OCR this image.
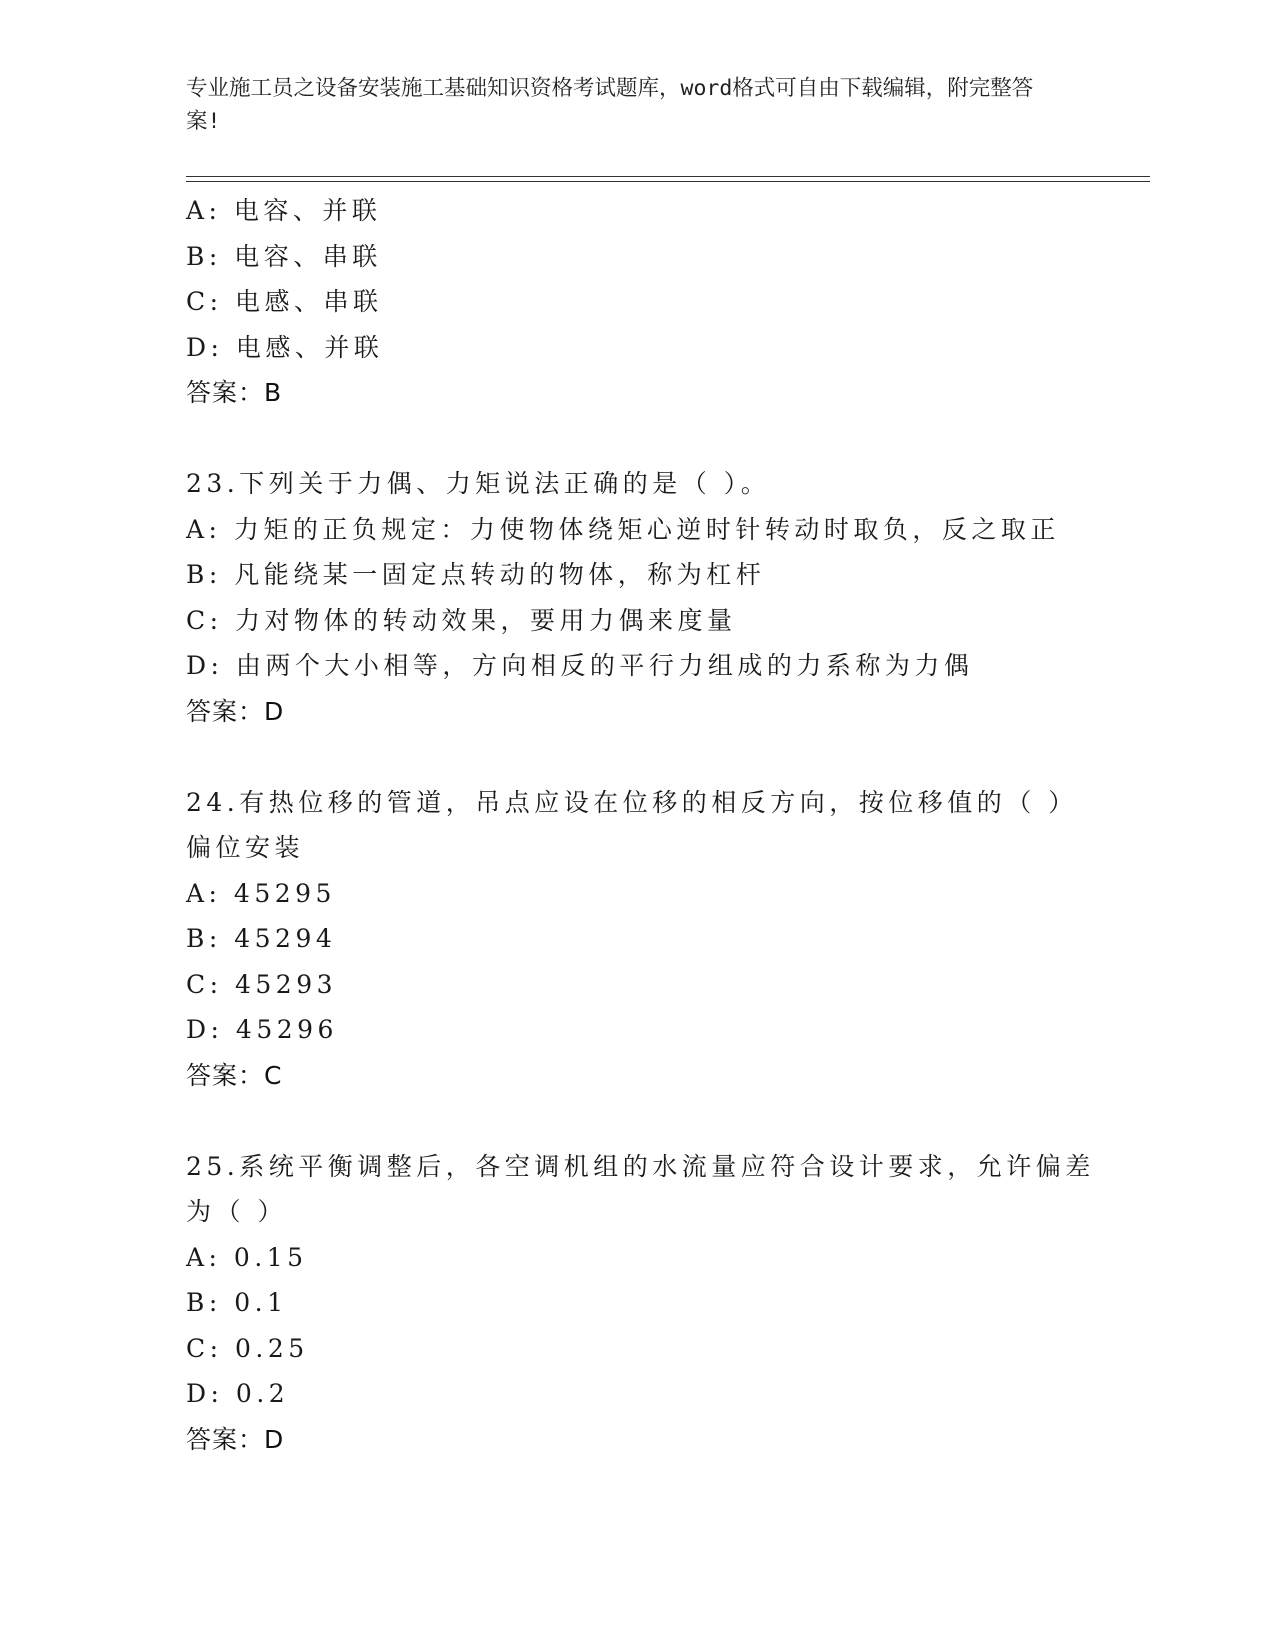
专业施工员之设备安装施工基础知识资格考试题库，word格式可自由下载编辑，附完整答案!
A: 电容、并联
B: 电容、串联
C: 电感、串联
D: 电感、并联
答案：B
23.下列关于力偶、力矩说法正确的是（ ）。
A: 力矩的正负规定：力使物体绕矩心逆时针转动时取负，反之取正
B: 凡能绕某一固定点转动的物体，称为杠杆
C: 力对物体的转动效果，要用力偶来度量
D: 由两个大小相等，方向相反的平行力组成的力系称为力偶
答案：D
24.有热位移的管道，吊点应设在位移的相反方向，按位移值的（ ）
偏位安装
A: 45295
B: 45294
C: 45293
D: 45296
答案：C
25.系统平衡调整后，各空调机组的水流量应符合设计要求，允许偏差
为（ ）
A: 0.15
B: 0.1
C: 0.25
D: 0.2
答案：D
